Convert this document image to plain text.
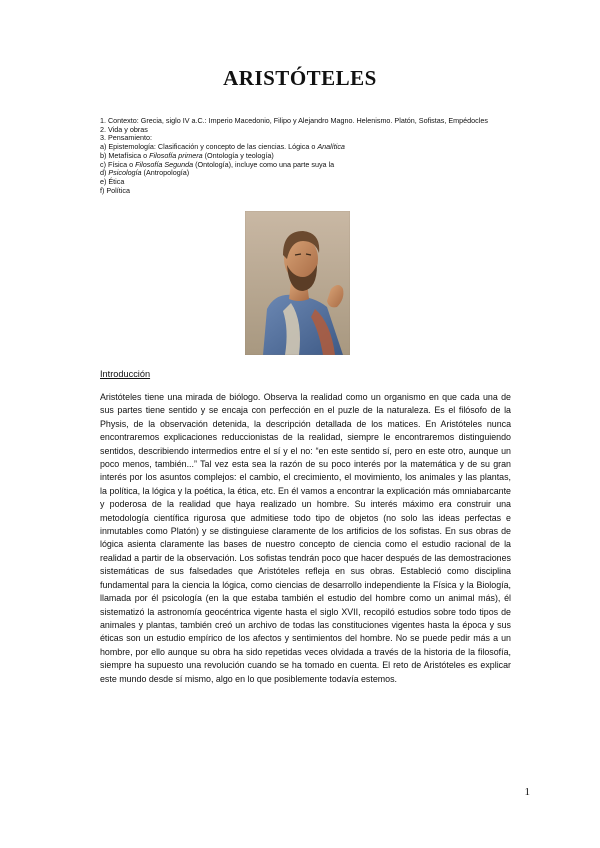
ARISTÓTELES
1. Contexto: Grecia, siglo IV a.C.: Imperio Macedonio, Filipo y Alejandro Magno. Helenismo. Platón, Sofistas, Empédocles
2. Vida y obras
3. Pensamiento:
a) Epistemología: Clasificación y concepto de las ciencias. Lógica o Analítica
b) Metafísica o Filosofía primera (Ontología y teología)
c) Física o Filosofía Segunda (Ontología), incluye como una parte suya la
d) Psicología (Antropología)
e) Ética
f) Política

Introducción

Aristóteles tiene una mirada de biólogo. Observa la realidad como un organismo en que cada una de sus partes tiene sentido y se encaja con perfección en el puzle de la naturaleza. Es el filósofo de la Physis, de la observación detenida, la descripción detallada de los matices. En Aristóteles nunca encontraremos explicaciones reduccionistas de la realidad, siempre le encontraremos distinguiendo sentidos, describiendo intermedios entre el sí y el no: “en este sentido sí, pero en este otro, aunque un poco menos, también...” Tal vez esta sea la razón de su poco interés por la matemática y de su gran interés por los asuntos complejos: el cambio, el crecimiento, el movimiento, los animales y las plantas, la política, la lógica y la poética, la ética, etc. En él vamos a encontrar la explicación más omniabarcante y poderosa de la realidad que haya realizado un hombre. Su interés máximo era construir una metodología científica rigurosa que admitiese todo tipo de objetos (no solo las ideas perfectas e inmutables como Platón) y se distinguiese claramente de los artificios de los sofistas. En sus obras de lógica asienta claramente las bases de nuestro concepto de ciencia como el estudio racional de la realidad a partir de la observación. Los sofistas tendrán poco que hacer después de las demostraciones sistemáticas de sus falsedades que Aristóteles refleja en sus obras. Estableció como disciplina fundamental para la ciencia la lógica, como ciencias de desarrollo independiente la Física y la Biología, llamada por él psicología (en la que estaba también el estudio del hombre como un animal más), él sistematizó la astronomía geocéntrica vigente hasta el siglo XVII, recopiló estudios sobre todo tipos de animales y plantas, también creó un archivo de todas las constituciones vigentes hasta la época y sus éticas son un estudio empírico de los afectos y sentimientos del hombre. No se puede pedir más a un hombre, por ello aunque su obra ha sido repetidas veces olvidada a través de la historia de la filosofía, siempre ha supuesto una revolución cuando se ha tomado en cuenta. El reto de Aristóteles es explicar este mundo desde sí mismo, algo en lo que posiblemente todavía estemos.

1
